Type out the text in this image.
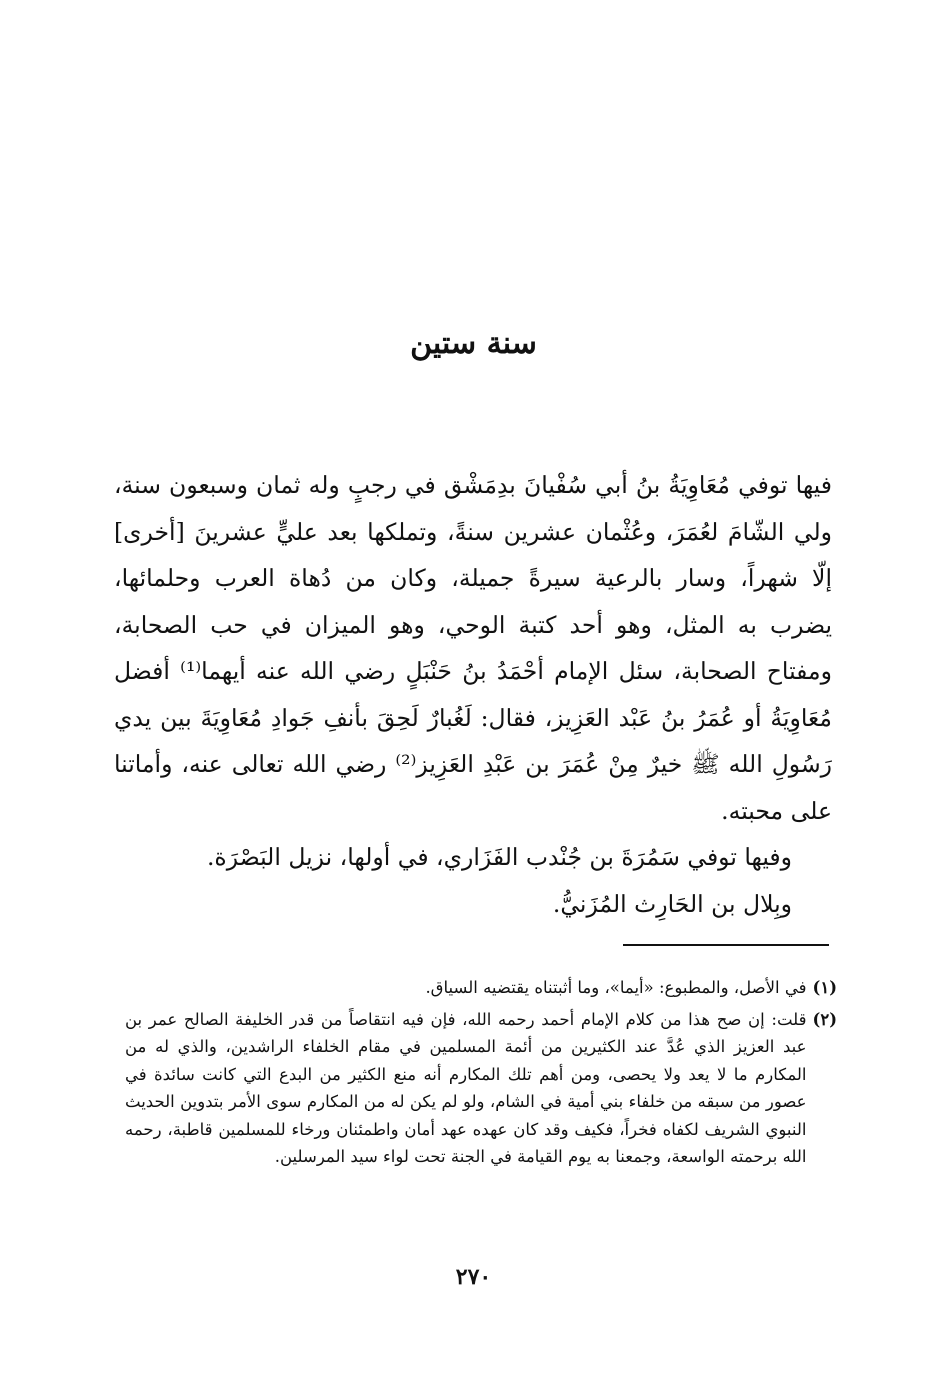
سنة ستين

فيها توفي مُعَاوِيَةُ بنُ أبي سُفْيانَ بدِمَشْق في رجبٍ وله ثمان وسبعون سنة، ولي الشّامَ لعُمَرَ، وعُثْمان عشرين سنةً، وتملكها بعد عليٍّ عشرينَ [أخرى] إلّا شهراً، وسار بالرعية سيرةً جميلة، وكان من دُهاة العرب وحلمائها، يضرب به المثل، وهو أحد كتبة الوحي، وهو الميزان في حب الصحابة، ومفتاح الصحابة، سئل الإمام أحْمَدُ بنُ حَنْبَلٍ رضي الله عنه أيهما⁽¹⁾ أفضل مُعَاوِيَةُ أو عُمَرُ بنُ عَبْد العَزِيز، فقال: لَغُبارٌ لَحِقَ بأنفِ جَوادِ مُعَاوِيَةَ بين يدي رَسُولِ الله ﷺ خيرٌ مِنْ عُمَرَ بن عَبْدِ العَزِيز⁽²⁾ رضي الله تعالى عنه، وأماتنا على محبته.

وفيها توفي سَمُرَةَ بن جُنْدب الفَزَاري، في أولها، نزيل البَصْرَة.

وبِلال بن الحَارِث المُزَنيُّ.

(١)
في الأصل، والمطبوع: «أيما»، وما أثبتناه يقتضيه السياق.
(٢)
قلت: إن صح هذا من كلام الإمام أحمد رحمه الله، فإن فيه انتقاصاً من قدر الخليفة الصالح عمر بن عبد العزيز الذي عُدَّ عند الكثيرين من أئمة المسلمين في مقام الخلفاء الراشدين، والذي له من المكارم ما لا يعد ولا يحصى، ومن أهم تلك المكارم أنه منع الكثير من البدع التي كانت سائدة في عصور من سبقه من خلفاء بني أمية في الشام، ولو لم يكن له من المكارم سوى الأمر بتدوين الحديث النبوي الشريف لكفاه فخراً، فكيف وقد كان عهده عهد أمان واطمئنان ورخاء للمسلمين قاطبة، رحمه الله برحمته الواسعة، وجمعنا به يوم القيامة في الجنة تحت لواء سيد المرسلين.
٢٧٠
